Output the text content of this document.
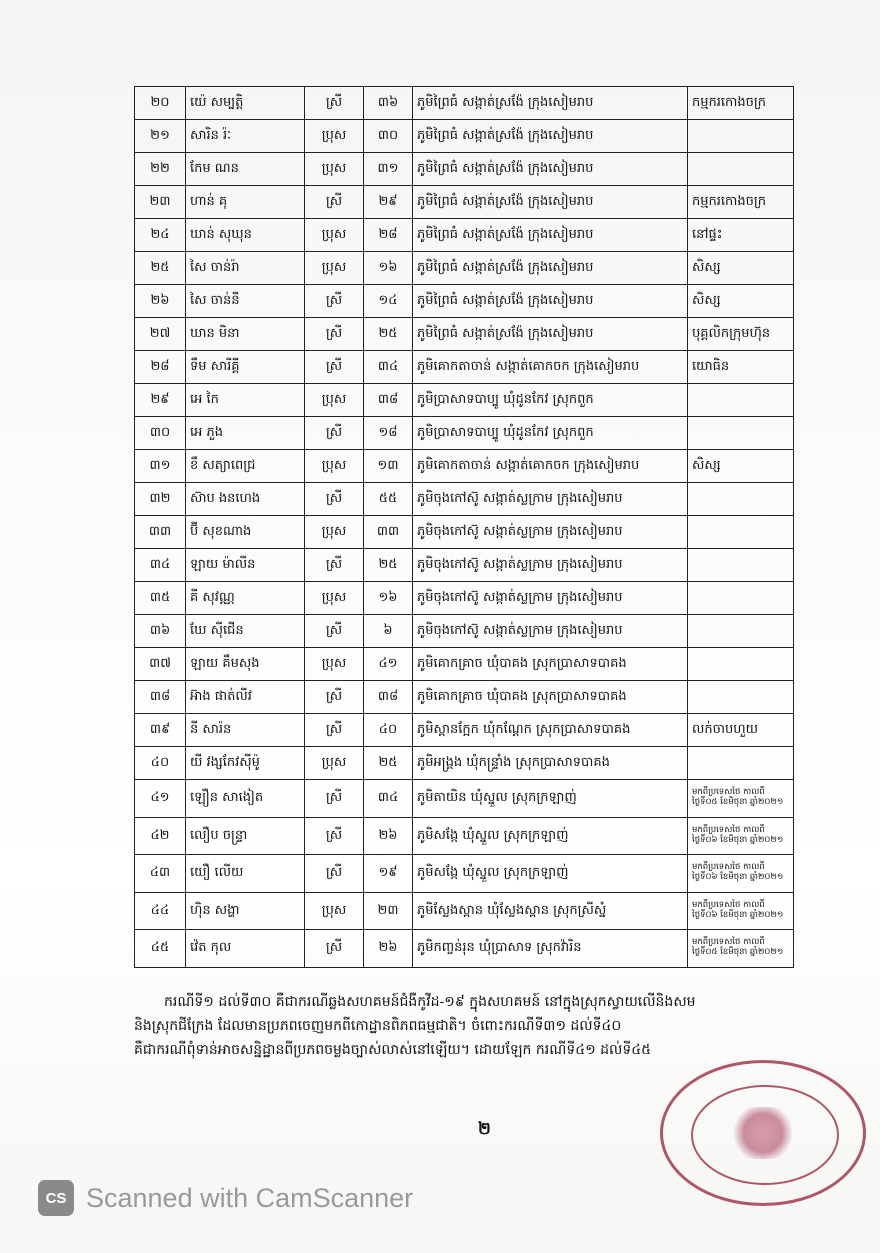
២០	យ៉េ សម្បត្តិ	ស្រី	៣៦	ភូមិព្រៃធំ សង្កាត់ស្រង៉ែ ក្រុងសៀមរាប	កម្មករកោងចក្រ
២១	សារិន រ៉ៈ	ប្រុស	៣០	ភូមិព្រៃធំ សង្កាត់ស្រង៉ែ ក្រុងសៀមរាប	
២២	កែម ណន	ប្រុស	៣១	ភូមិព្រៃធំ សង្កាត់ស្រង៉ែ ក្រុងសៀមរាប	
២៣	ហាន់ គុ	ស្រី	២៩	ភូមិព្រៃធំ សង្កាត់ស្រង៉ែ ក្រុងសៀមរាប	កម្មករកោងចក្រ
២៤	ឃាន់ សុឃុន	ប្រុស	២៨	ភូមិព្រៃធំ សង្កាត់ស្រង៉ែ ក្រុងសៀមរាប	នៅផ្ទះ
២៥	សៃ ចាន់រ៉ា	ប្រុស	១៦	ភូមិព្រៃធំ សង្កាត់ស្រង៉ែ ក្រុងសៀមរាប	សិស្ស
២៦	សៃ ចាន់នី	ស្រី	១៤	ភូមិព្រៃធំ សង្កាត់ស្រង៉ែ ក្រុងសៀមរាប	សិស្ស
២៧	ឃាន មិនា	ស្រី	២៥	ភូមិព្រៃធំ សង្កាត់ស្រង៉ែ ក្រុងសៀមរាប	បុគ្គលិកក្រុមហ៊ុន
២៨	ទឹម សារីគ្គី	ស្រី	៣៤	ភូមិគោកតាចាន់ សង្កាត់គោកចក ក្រុងសៀមរាប	យោធិន
២៩	អេ កៃ	ប្រុស	៣៨	ភូមិប្រាសាទបាប្បូ ឃុំដូនកែវ ស្រុកពួក	
៣០	អេ ភួង	ស្រី	១៨	ភូមិប្រាសាទបាប្បូ ឃុំដូនកែវ ស្រុកពួក	
៣១	ខឹ សត្យាពេជ្រ	ប្រុស	១៣	ភូមិគោកតាចាន់ សង្កាត់គោកចក ក្រុងសៀមរាប	សិស្ស
៣២	ស៊ាប ងនហេង	ស្រី	៥៥	ភូមិចុងកៅស៊ូ សង្កាត់ស្លក្រាម ក្រុងសៀមរាប	
៣៣	ប៊ី សុខណាង	ប្រុស	៣៣	ភូមិចុងកៅស៊ូ សង្កាត់ស្លក្រាម ក្រុងសៀមរាប	
៣៤	ឡាយ ម៉ាលីន	ស្រី	២៥	ភូមិចុងកៅស៊ូ សង្កាត់ស្លក្រាម ក្រុងសៀមរាប	
៣៥	គី សុវណ្ណ	ប្រុស	១៦	ភូមិចុងកៅស៊ូ សង្កាត់ស្លក្រាម ក្រុងសៀមរាប	
៣៦	ឃែ ស៊ីជើន	ស្រី	៦	ភូមិចុងកៅស៊ូ សង្កាត់ស្លក្រាម ក្រុងសៀមរាប	
៣៧	ឡាយ គឹមសុង	ប្រុស	៤១	ភូមិគោកគ្រាច ឃុំបាគង ស្រុកប្រាសាទបាគង	
៣៨	អ៊ាង ផាត់លីវ	ស្រី	៣៨	ភូមិគោកគ្រាច ឃុំបាគង ស្រុកប្រាសាទបាគង	
៣៩	នី សារ៉ន	ស្រី	៤០	ភូមិស្ពានក្អែក ឃុំកណ្តែក ស្រុកប្រាសាទបាគង	លក់ចាបហួយ
៤០	យី វង្សកែវស៊ីម៉ូ	ប្រុស	២៥	ភូមិអង្រ្គង ឃុំកន្ទ្រាំង ស្រុកប្រាសាទបាគង	
៤១	ឡឿន សាងៀត	ស្រី	៣៤	ភូមិតាយិន ឃុំស្នួល ស្រុកក្រឡាញ់	មកពីប្រទេសថៃ កាលពីថ្ងៃទី០៥ ខែមិថុនា ឆ្នាំ២០២១
៤២	លឿប ចន្ទ្រា	ស្រី	២៦	ភូមិសង្កែ ឃុំស្នួល ស្រុកក្រឡាញ់	មកពីប្រទេសថៃ កាលពីថ្ងៃទី០៦ ខែមិថុនា ឆ្នាំ២០២១
៤៣	យឿ លើយ	ស្រី	១៩	ភូមិសង្កែ ឃុំស្នួល ស្រុកក្រឡាញ់	មកពីប្រទេសថៃ កាលពីថ្ងៃទី០៦ ខែមិថុនា ឆ្នាំ២០២១
៤៤	ហ៊ិន សង្ហា	ប្រុស	២៣	ភូមិស្លែងស្ពាន ឃុំស្លែងស្ពាន ស្រុកស្រីស្នំ	មកពីប្រទេសថៃ កាលពីថ្ងៃទី០៦ ខែមិថុនា ឆ្នាំ២០២១
៤៥	វ៉េត កុល	ស្រី	២៦	ភូមិកញ្ចន់រុន ឃុំប្រាសាទ ស្រុកវ៉ារិន	មកពីប្រទេសថៃ កាលពីថ្ងៃទី០៥ ខែមិថុនា ឆ្នាំ២០២១

ករណីទី១ ដល់ទី៣០ គឺជាករណីឆ្លងសហគមន៍ជំងឺកូវីដ-១៩ ក្នុងសហគមន៍ នៅក្នុងស្រុកស្វាយលើនិងសម

និងស្រុកជីក្រែង ដែលមានប្រភពចេញមកពីកោដ្ឋានពិភពធម្មជាតិ។ ចំពោះករណីទី៣១ ដល់ទី៤០

គឺជាករណីពុំទាន់អាចសន្និដ្ឋានពីប្រភពចម្លងច្បាស់លាស់នៅឡើយ។ ដោយឡែក ករណីទី៤១ ដល់ទី៤៥

២
CS Scanned with CamScanner
